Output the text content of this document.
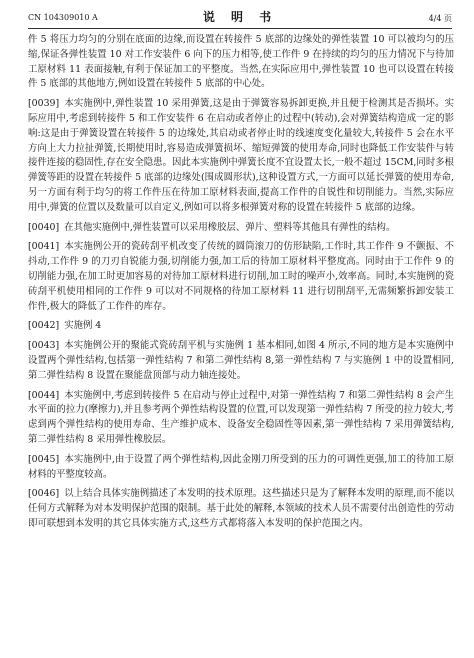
CN 104309010 A	说 明 书	4/4 页

件 5 将压力均匀的分别在底面的边缘,而设置在转接件 5 底部的边缘处的弹性装置 10 可以被均匀的压缩,保证各弹性装置 10 对工作安装件 6 向下的压力相等,使工作件 9 在持续的均匀的压力情况下与待加工原材料 11 表面接触,有利于保证加工的平整度。当然,在实际应用中,弹性装置 10 也可以设置在转接件 5 底部的其他地方,例如设置在转接件 5 底部的中心处。

[0039] 本实施例中,弹性装置 10 采用弹簧,这是由于弹簧容易拆卸更换,并且便于检测其是否损坏。实际应用中,考虑到转接件 5 和工作安装件 6 在启动或者停止的过程中(转动),会对弹簧结构造成一定的影响:这是由于弹簧设置在转接件 5 的边缘处,其启动或者停止时的线速度变化量较大,转接件 5 会在水平方向上大力拉扯弹簧,长期使用时,容易造成弹簧损坏、缩短弹簧的使用寿命,同时也降低工作安装件与转接件连接的稳固性,存在安全隐患。因此本实施例中弹簧长度不宜设置太长,一般不超过 15CM,同时多根弹簧等距的设置在转接件 5 底部的边缘处(围成圆形状),这种设置方式,一方面可以延长弹簧的使用寿命,另一方面有利于均匀的将工作件压在待加工原材料表面,提高工作件的自锐性和切削能力。当然,实际应用中,弹簧的位置以及数量可以自定义,例如可以将多根弹簧对称的设置在转接件 5 底部的边缘。

[0040] 在其他实施例中,弹性装置可以采用橡胶层、弹片、塑料等其他具有弹性的结构。

[0041] 本实施例公开的瓷砖刮平机改变了传统的圆筒滚刀的仿形缺陷,工作时,其工作件 9 不颤振、不抖动,工作件 9 的刀刃自锐能力强,切削能力强,加工后的待加工原材料平整度高。同时由于工作件 9 的切削能力强,在加工时更加容易的对待加工原材料进行切削,加工时的噪声小,效率高。同时,本实施例的瓷砖刮平机使用相同的工作件 9 可以对不同规格的待加工原材料 11 进行切削刮平,无需频繁拆卸安装工作件,极大的降低了工作件的库存。

[0042] 实施例 4

[0043] 本实施例公开的聚能式瓷砖刮平机与实施例 1 基本相同,如图 4 所示,不同的地方是本实施例中设置两个弹性结构,包括第一弹性结构 7 和第二弹性结构 8,第一弹性结构 7 与实施例 1 中的设置相同,第二弹性结构 8 设置在聚能盘顶部与动力轴连接处。

[0044] 本实施例中,考虑到转接件 5 在启动与停止过程中,对第一弹性结构 7 和第二弹性结构 8 会产生水平面的拉力(摩擦力),并且参考两个弹性结构设置的位置,可以发现第一弹性结构 7 所受的拉力较大,考虑到两个弹性结构的使用寿命、生产维护成本、设备安全稳固性等因素,第一弹性结构 7 采用弹簧结构,第二弹性结构 8 采用弹性橡胶层。

[0045] 本实施例中,由于设置了两个弹性结构,因此金刚刀所受到的压力的可调性更强,加工的待加工原材料的平整度较高。

[0046] 以上结合具体实施例描述了本发明的技术原理。这些描述只是为了解释本发明的原理,而不能以任何方式解释为对本发明保护范围的限制。基于此处的解释,本领域的技术人员不需要付出创造性的劳动即可联想到本发明的其它具体实施方式,这些方式都将落入本发明的保护范围之内。
